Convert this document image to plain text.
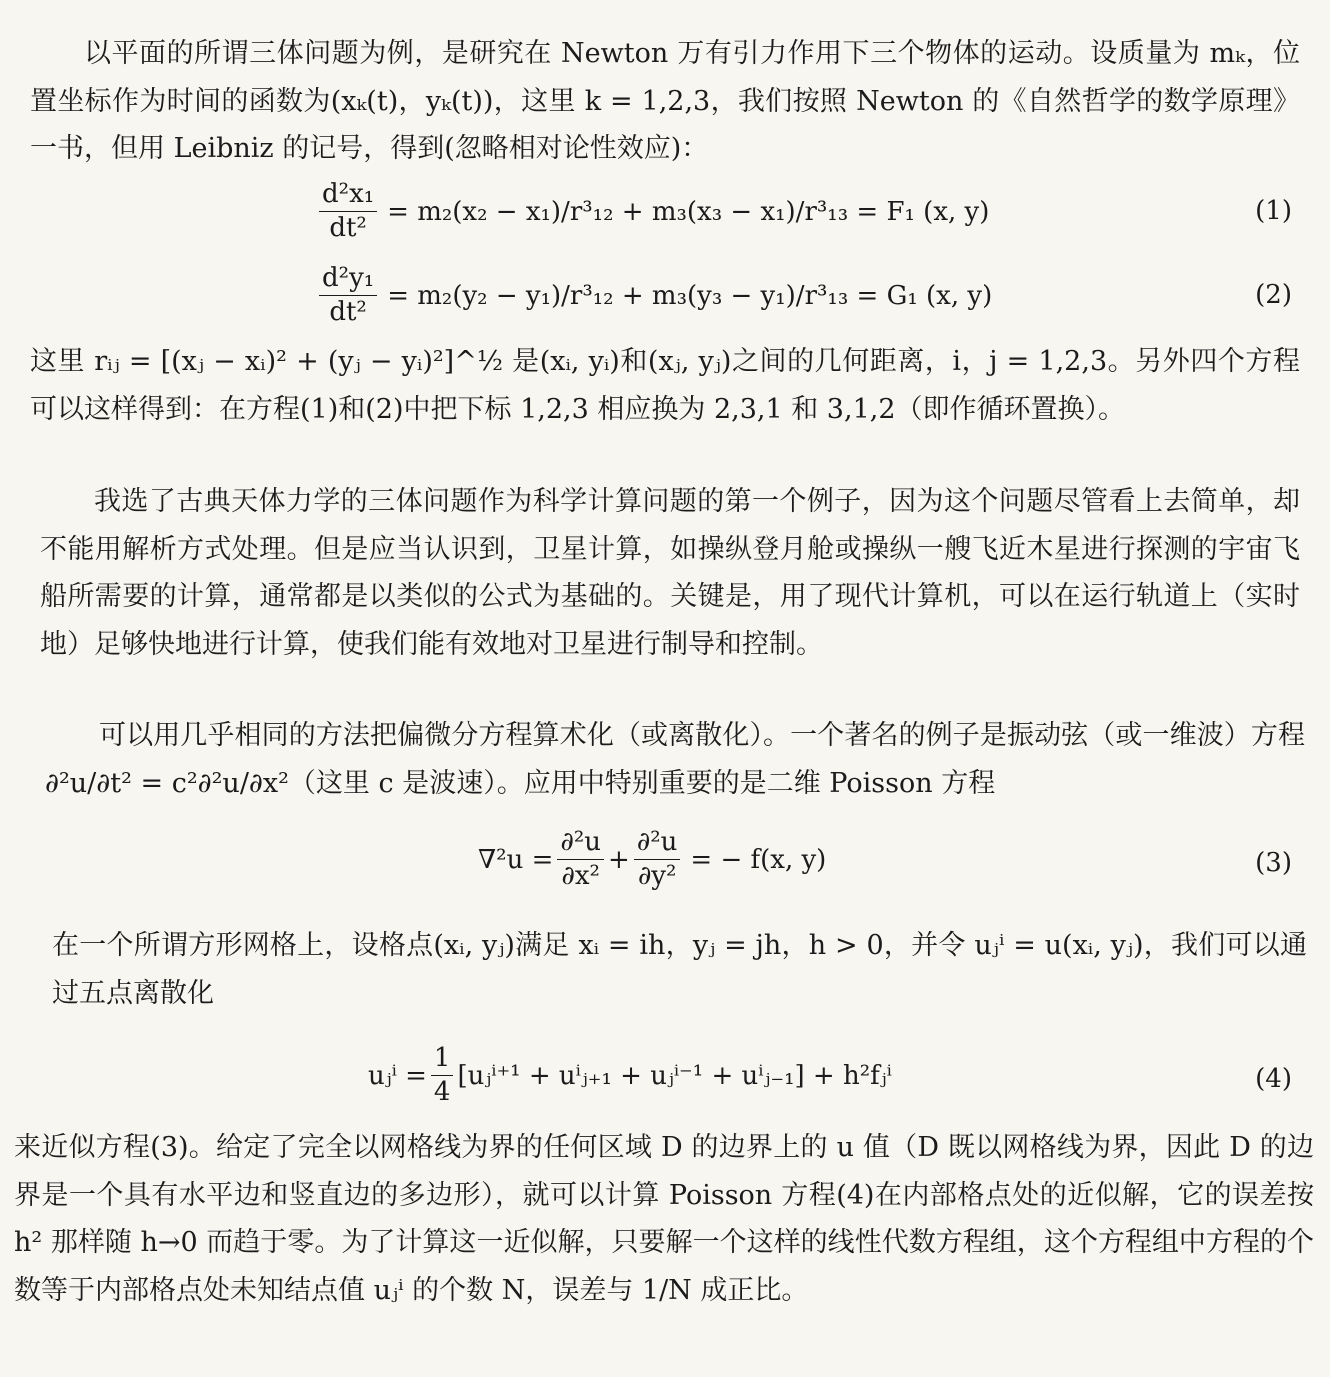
以平面的所谓三体问题为例，是研究在 Newton 万有引力作用下三个物体的运动。设质量为 mₖ，位置坐标作为时间的函数为(xₖ(t)，yₖ(t))，这里 k = 1,2,3，我们按照 Newton 的《自然哲学的数学原理》一书，但用 Leibniz 的记号，得到(忽略相对论性效应)：

$\frac{\text{d²x₁}}{\text{dt²}} = m_2(x_2 - x_1)/r^3_{12} + m_3(x_3 - x_1)/r^3_{13} = F_1$ (x, y)	(1)
$\frac{\text{d²y₁}}{\text{dt²}} = m_2(y_2 - y_1)/r^3_{12} + m_3(y_3 - y_1)/r^3_{13} = G_1$ (x, y)	(2)

这里 rᵢⱼ = [(xⱼ − xᵢ)² + (yⱼ − yᵢ)²]^½ 是(xᵢ, yᵢ)和(xⱼ, yⱼ)之间的几何距离，i，j = 1,2,3。另外四个方程可以这样得到：在方程(1)和(2)中把下标 1,2,3 相应换为 2,3,1 和 3,1,2（即作循环置换）。

我选了古典天体力学的三体问题作为科学计算问题的第一个例子，因为这个问题尽管看上去简单，却不能用解析方式处理。但是应当认识到，卫星计算，如操纵登月舱或操纵一艘飞近木星进行探测的宇宙飞船所需要的计算，通常都是以类似的公式为基础的。关键是，用了现代计算机，可以在运行轨道上（实时地）足够快地进行计算，使我们能有效地对卫星进行制导和控制。

可以用几乎相同的方法把偏微分方程算术化（或离散化）。一个著名的例子是振动弦（或一维波）方程 ∂²u/∂t² = c²∂²u/∂x²（这里 c 是波速）。应用中特别重要的是二维 Poisson 方程

$\nabla^2u = \frac{\text{∂²u}}{\text{∂x²}} + \frac{\text{∂²u}}{\text{∂y²}}$ = − f(x, y)	(3)

在一个所谓方形网格上，设格点(xᵢ, yⱼ)满足 xᵢ = ih，yⱼ = jh，h > 0，并令 uⱼⁱ = u(xᵢ, yⱼ)，我们可以通过五点离散化

uⱼⁱ = $\frac{1}{4}$ [uⱼⁱ⁺¹ + uⁱⱼ₊₁ + uⱼⁱ⁻¹ + uⁱⱼ₋₁] + h²fⱼⁱ	(4)

来近似方程(3)。给定了完全以网格线为界的任何区域 D 的边界上的 u 值（D 既以网格线为界，因此 D 的边界是一个具有水平边和竖直边的多边形），就可以计算 Poisson 方程(4)在内部格点处的近似解，它的误差按 h² 那样随 h→0 而趋于零。为了计算这一近似解，只要解一个这样的线性代数方程组，这个方程组中方程的个数等于内部格点处未知结点值 uⱼⁱ 的个数 N，误差与 1/N 成正比。
